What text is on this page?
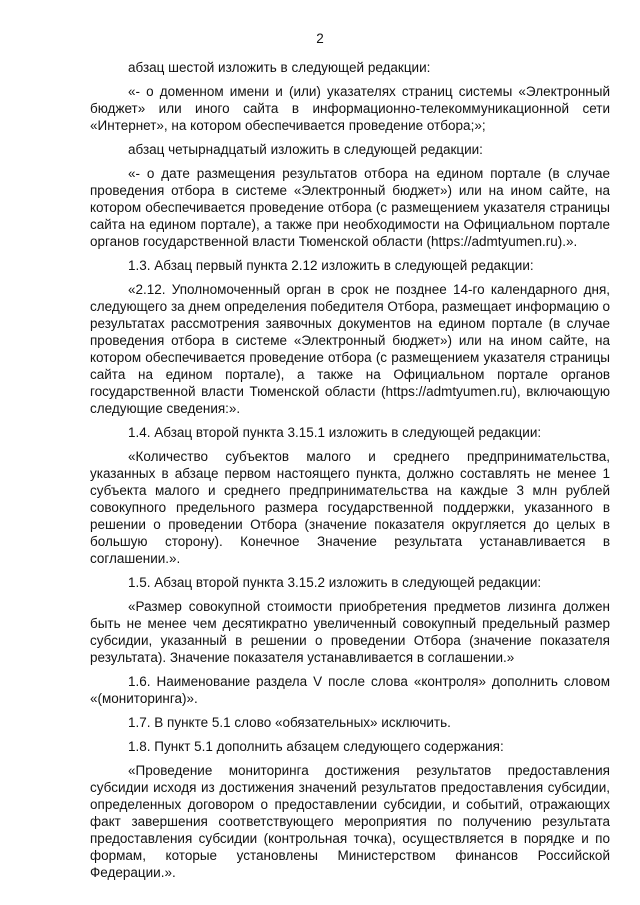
2

абзац шестой изложить в следующей редакции:

«- о доменном имени и (или) указателях страниц системы «Электронный бюджет» или иного сайта в информационно-телекоммуникационной сети «Интернет», на котором обеспечивается проведение отбора;»;

абзац четырнадцатый изложить в следующей редакции:

«- о дате размещения результатов отбора на едином портале (в случае проведения отбора в системе «Электронный бюджет») или на ином сайте, на котором обеспечивается проведение отбора (с размещением указателя страницы сайта на едином портале), а также при необходимости на Официальном портале органов государственной власти Тюменской области (https://admtyumen.ru).».

1.3. Абзац первый пункта 2.12 изложить в следующей редакции:

«2.12. Уполномоченный орган в срок не позднее 14-го календарного дня, следующего за днем определения победителя Отбора, размещает информацию о результатах рассмотрения заявочных документов на едином портале (в случае проведения отбора в системе «Электронный бюджет») или на ином сайте, на котором обеспечивается проведение отбора (с размещением указателя страницы сайта на едином портале), а также на Официальном портале органов государственной власти Тюменской области (https://admtyumen.ru), включающую следующие сведения:».

1.4. Абзац второй пункта 3.15.1 изложить в следующей редакции:

«Количество субъектов малого и среднего предпринимательства, указанных в абзаце первом настоящего пункта, должно составлять не менее 1 субъекта малого и среднего предпринимательства на каждые 3 млн рублей совокупного предельного размера государственной поддержки, указанного в решении о проведении Отбора (значение показателя округляется до целых в большую сторону). Конечное Значение результата устанавливается в соглашении.».

1.5. Абзац второй пункта 3.15.2 изложить в следующей редакции:

«Размер совокупной стоимости приобретения предметов лизинга должен быть не менее чем десятикратно увеличенный совокупный предельный размер субсидии, указанный в решении о проведении Отбора (значение показателя результата). Значение показателя устанавливается в соглашении.»

1.6. Наименование раздела V после слова «контроля» дополнить словом «(мониторинга)».

1.7. В пункте 5.1 слово «обязательных» исключить.

1.8. Пункт 5.1 дополнить абзацем следующего содержания:

«Проведение мониторинга достижения результатов предоставления субсидии исходя из достижения значений результатов предоставления субсидии, определенных договором о предоставлении субсидии, и событий, отражающих факт завершения соответствующего мероприятия по получению результата предоставления субсидии (контрольная точка), осуществляется в порядке и по формам, которые установлены Министерством финансов Российской Федерации.».
